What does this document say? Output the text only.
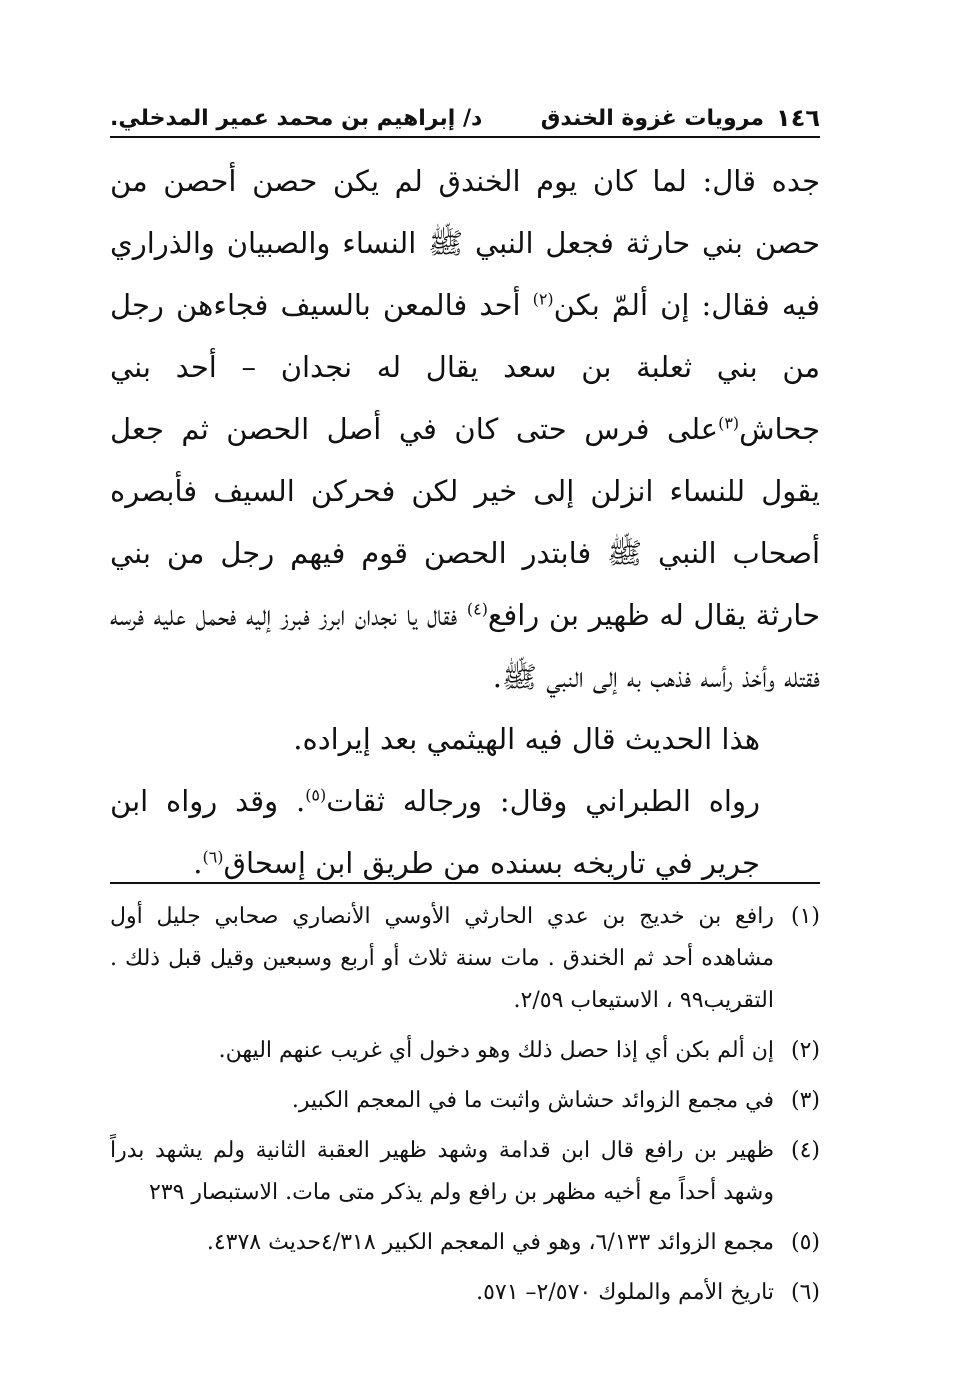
١٤٦
مرويات غزوة الخندق
د/ إبراهيم بن محمد عمير المدخلي.

جده قال: لما كان يوم الخندق لم يكن حصن أحصن من حصن بني حارثة فجعل النبي ﷺ النساء والصبيان والذراري فيه فقال: إن ألمّ بكن$^{(٢)}$ أحد فالمعن بالسيف فجاءهن رجل من بني ثعلبة بن سعد يقال له نجدان – أحد بني جحاش$^{(٣)}$على فرس حتى كان في أصل الحصن ثم جعل يقول للنساء انزلن إلى خير لكن فحركن السيف فأبصره أصحاب النبي ﷺ فابتدر الحصن قوم فيهم رجل من بني حارثة يقال له ظهير بن رافع$^{(٤)}$ فقال يا نجدان ابرز فبرز إليه فحمل عليه فرسه فقتله وأخذ رأسه فذهب به إلى النبي ﷺ.

هذا الحديث قال فيه الهيثمي بعد إيراده.

رواه الطبراني وقال: ورجاله ثقات$^{(٥)}$. وقد رواه ابن جرير في تاريخه بسنده من طريق ابن إسحاق$^{(٦)}$.

(١)
رافع بن خديج بن عدي الحارثي الأوسي الأنصاري صحابي جليل أول مشاهده أحد ثم الخندق . مات سنة ثلاث أو أربع وسبعين وقيل قبل ذلك . التقريب٩٩ ، الاستيعاب ٢/٥٩.
(٢)
إن ألم بكن أي إذا حصل ذلك وهو دخول أي غريب عنهم اليهن.
(٣)
في مجمع الزوائد حشاش واثبت ما في المعجم الكبير.
(٤)
ظهير بن رافع قال ابن قدامة وشهد ظهير العقبة الثانية ولم يشهد بدراً وشهد أحداً مع أخيه مظهر بن رافع ولم يذكر متى مات. الاستبصار ٢٣٩
(٥)
مجمع الزوائد ٦/١٣٣، وهو في المعجم الكبير ٤/٣١٨حديث ٤٣٧٨.
(٦)
تاريخ الأمم والملوك ٢/٥٧٠– ٥٧١.
